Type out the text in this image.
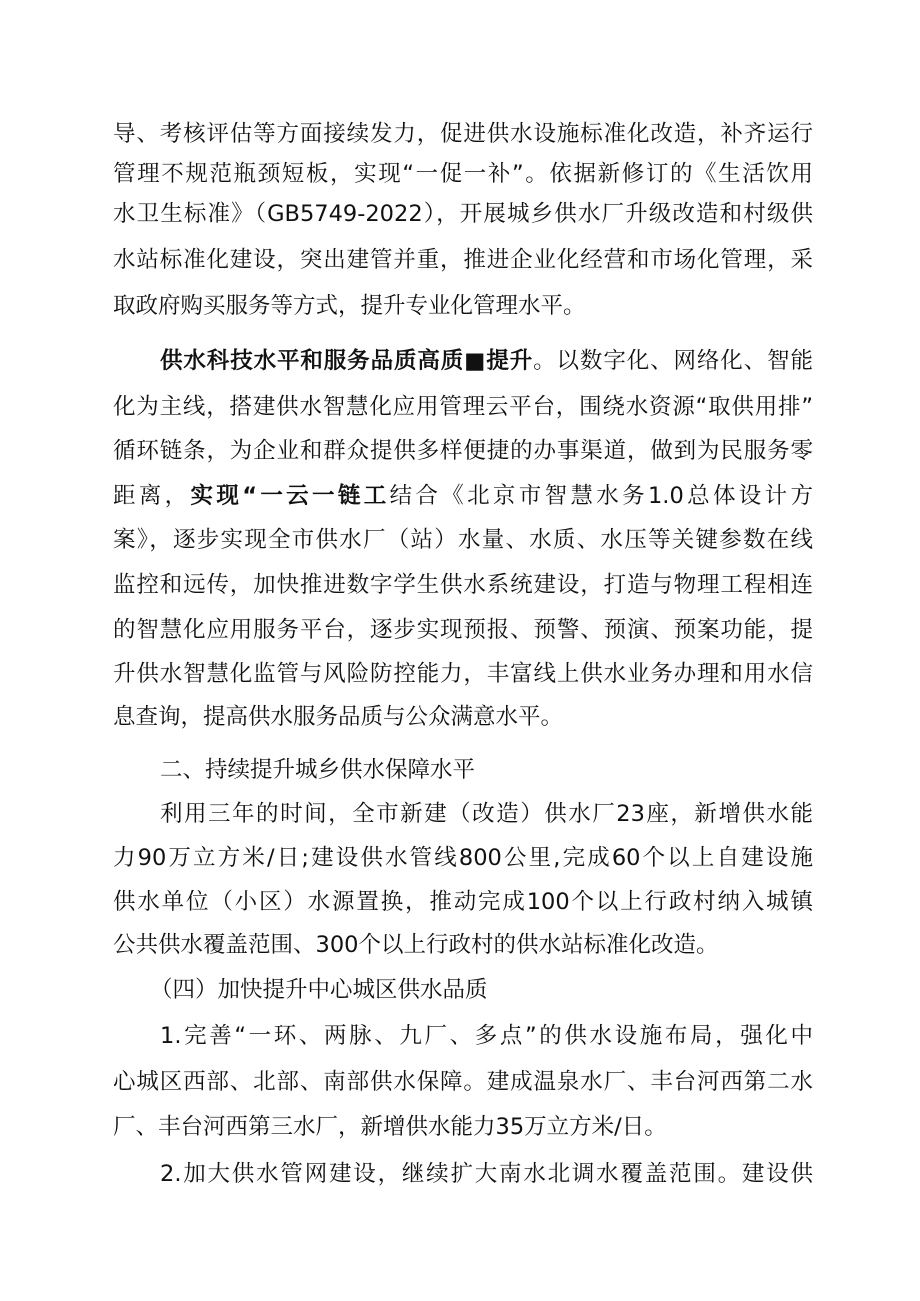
导、考核评估等方面接续发力，促进供水设施标准化改造，补齐运行
管理不规范瓶颈短板，实现“一促一补”。依据新修订的《生活饮用
水卫生标准》（GB5749-2022），开展城乡供水厂升级改造和村级供
水站标准化建设，突出建管并重，推进企业化经营和市场化管理，采
取政府购买服务等方式，提升专业化管理水平。
供水科技水平和服务品质高质■提升。以数字化、网络化、智能
化为主线，搭建供水智慧化应用管理云平台，围绕水资源“取供用排”
循环链条，为企业和群众提供多样便捷的办事渠道，做到为民服务零
距离，实现“一云一链工结合《北京市智慧水务1.0总体设计方
案》，逐步实现全市供水厂（站）水量、水质、水压等关键参数在线
监控和远传，加快推进数字学生供水系统建设，打造与物理工程相连
的智慧化应用服务平台，逐步实现预报、预警、预演、预案功能，提
升供水智慧化监管与风险防控能力，丰富线上供水业务办理和用水信
息查询，提高供水服务品质与公众满意水平。
二、持续提升城乡供水保障水平
利用三年的时间，全市新建（改造）供水厂23座，新增供水能
力90万立方米/日;建设供水管线800公里,完成60个以上自建设施
供水单位（小区）水源置换，推动完成100个以上行政村纳入城镇
公共供水覆盖范围、300个以上行政村的供水站标准化改造。
（四）加快提升中心城区供水品质
1.完善“一环、两脉、九厂、多点”的供水设施布局，强化中
心城区西部、北部、南部供水保障。建成温泉水厂、丰台河西第二水
厂、丰台河西第三水厂，新增供水能力35万立方米/日。
2.加大供水管网建设，继续扩大南水北调水覆盖范围。建设供
